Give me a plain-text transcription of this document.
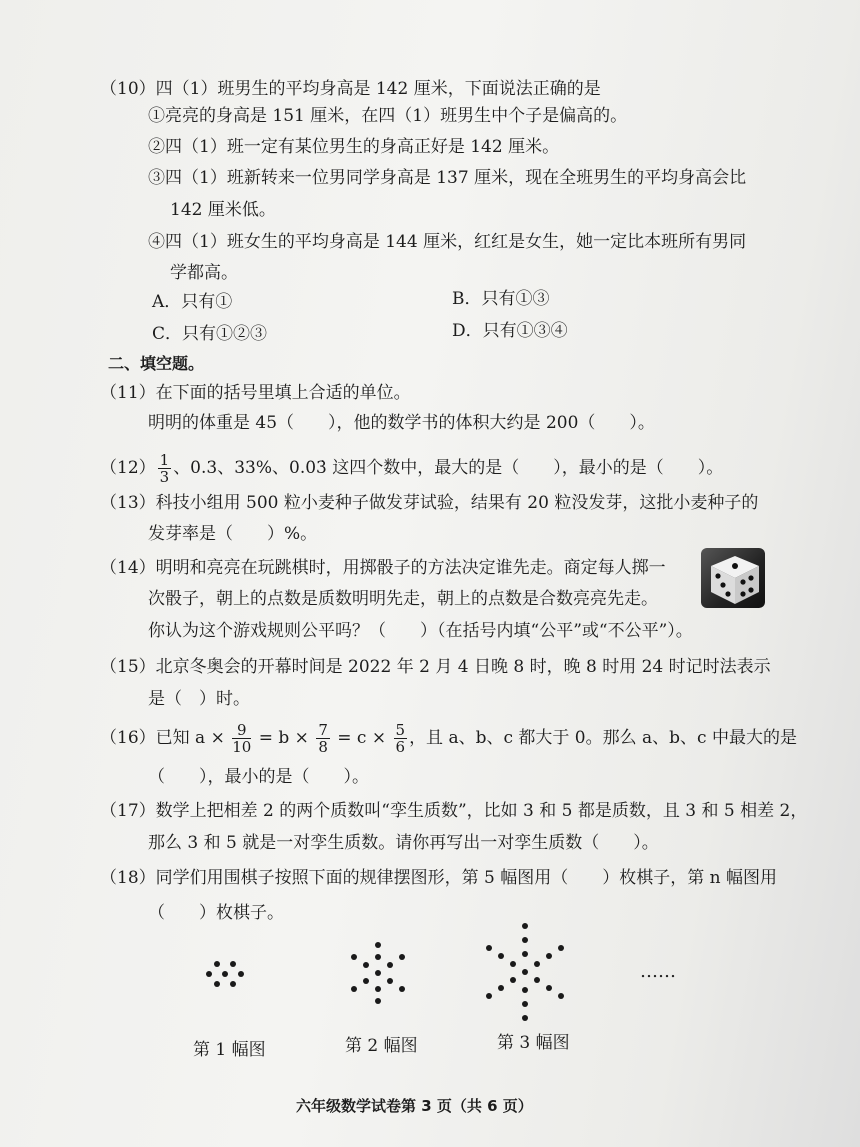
（10）四（1）班男生的平均身高是 142 厘米，下面说法正确的是
①亮亮的身高是 151 厘米，在四（1）班男生中个子是偏高的。
②四（1）班一定有某位男生的身高正好是 142 厘米。
③四（1）班新转来一位男同学身高是 137 厘米，现在全班男生的平均身高会比
142 厘米低。
④四（1）班女生的平均身高是 144 厘米，红红是女生，她一定比本班所有男同
学都高。
A．只有①	B．只有①③
C．只有①②③	D．只有①③④
二、填空题。
（11）在下面的括号里填上合适的单位。
明明的体重是 45（　　），他的数学书的体积大约是 200（　　）。
$(12) \frac{1}{3}$ 、0.3、33%、0.03̇ 这四个数中，最大的是（　　），最小的是（　　）。
（13）科技小组用 500 粒小麦种子做发芽试验，结果有 20 粒没发芽，这批小麦种子的
发芽率是（　　）%。
（14）明明和亮亮在玩跳棋时，用掷骰子的方法决定谁先走。商定每人掷一
次骰子，朝上的点数是质数明明先走，朝上的点数是合数亮亮先走。
你认为这个游戏规则公平吗？（　　）（在括号内填“公平”或“不公平”）。
（15）北京冬奥会的开幕时间是 2022 年 2 月 4 日晚 8 时，晚 8 时用 24 时记时法表示
是（　）时。
（16）已知 $a \times \frac{9}{10} = b \times \frac{7}{8} = c \times \frac{5}{6}$ ，且 a、b、c 都大于 0。那么 a、b、c 中最大的是
（　　），最小的是（　　）。
（17）数学上把相差 2 的两个质数叫“孪生质数”，比如 3 和 5 都是质数，且 3 和 5 相差 2，
那么 3 和 5 就是一对孪生质数。请你再写出一对孪生质数（　　）。
（18）同学们用围棋子按照下面的规律摆图形，第 5 幅图用（　　）枚棋子，第 n 幅图用
（　　）枚棋子。
……
第 1 幅图	第 2 幅图	第 3 幅图
六年级数学试卷第 3 页（共 6 页）
